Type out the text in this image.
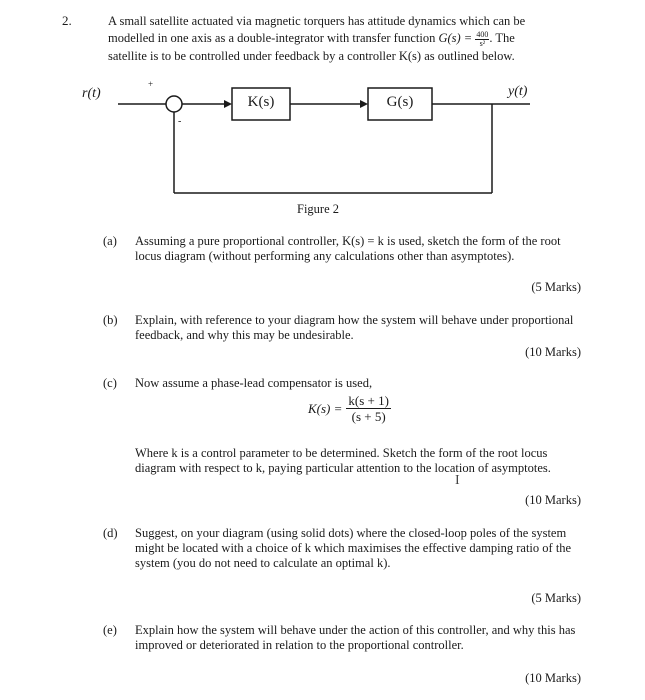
2.	A small satellite actuated via magnetic torquers has attitude dynamics which can be
modelled in one axis as a double-integrator with transfer function $G(s) = \frac{400}{\text{s²}}$ . The
satellite is to be controlled under feedback by a controller K(s) as outlined below.
r(t)	y(t)
+
-
K(s)	G(s)
Figure 2
(a) Assuming a pure proportional controller, K(s) = k is used, sketch the form of the root locus diagram (without performing any calculations other than asymptotes).
(5 Marks)
(b) Explain, with reference to your diagram how the system will behave under proportional feedback, and why this may be undesirable.
(10 Marks)
(c) Now assume a phase-lead compensator is used,
$K(s) = \frac{k(s + 1)}{(s + 5)}$
Where k is a control parameter to be determined. Sketch the form of the root locus diagram with respect to k, paying particular attention to the location of asymptotes.
(10 Marks)
I
(d) Suggest, on your diagram (using solid dots) where the closed-loop poles of the system might be located with a choice of k which maximises the effective damping ratio of the system (you do not need to calculate an optimal k).
(5 Marks)
(e) Explain how the system will behave under the action of this controller, and why this has improved or deteriorated in relation to the proportional controller.
(10 Marks)
